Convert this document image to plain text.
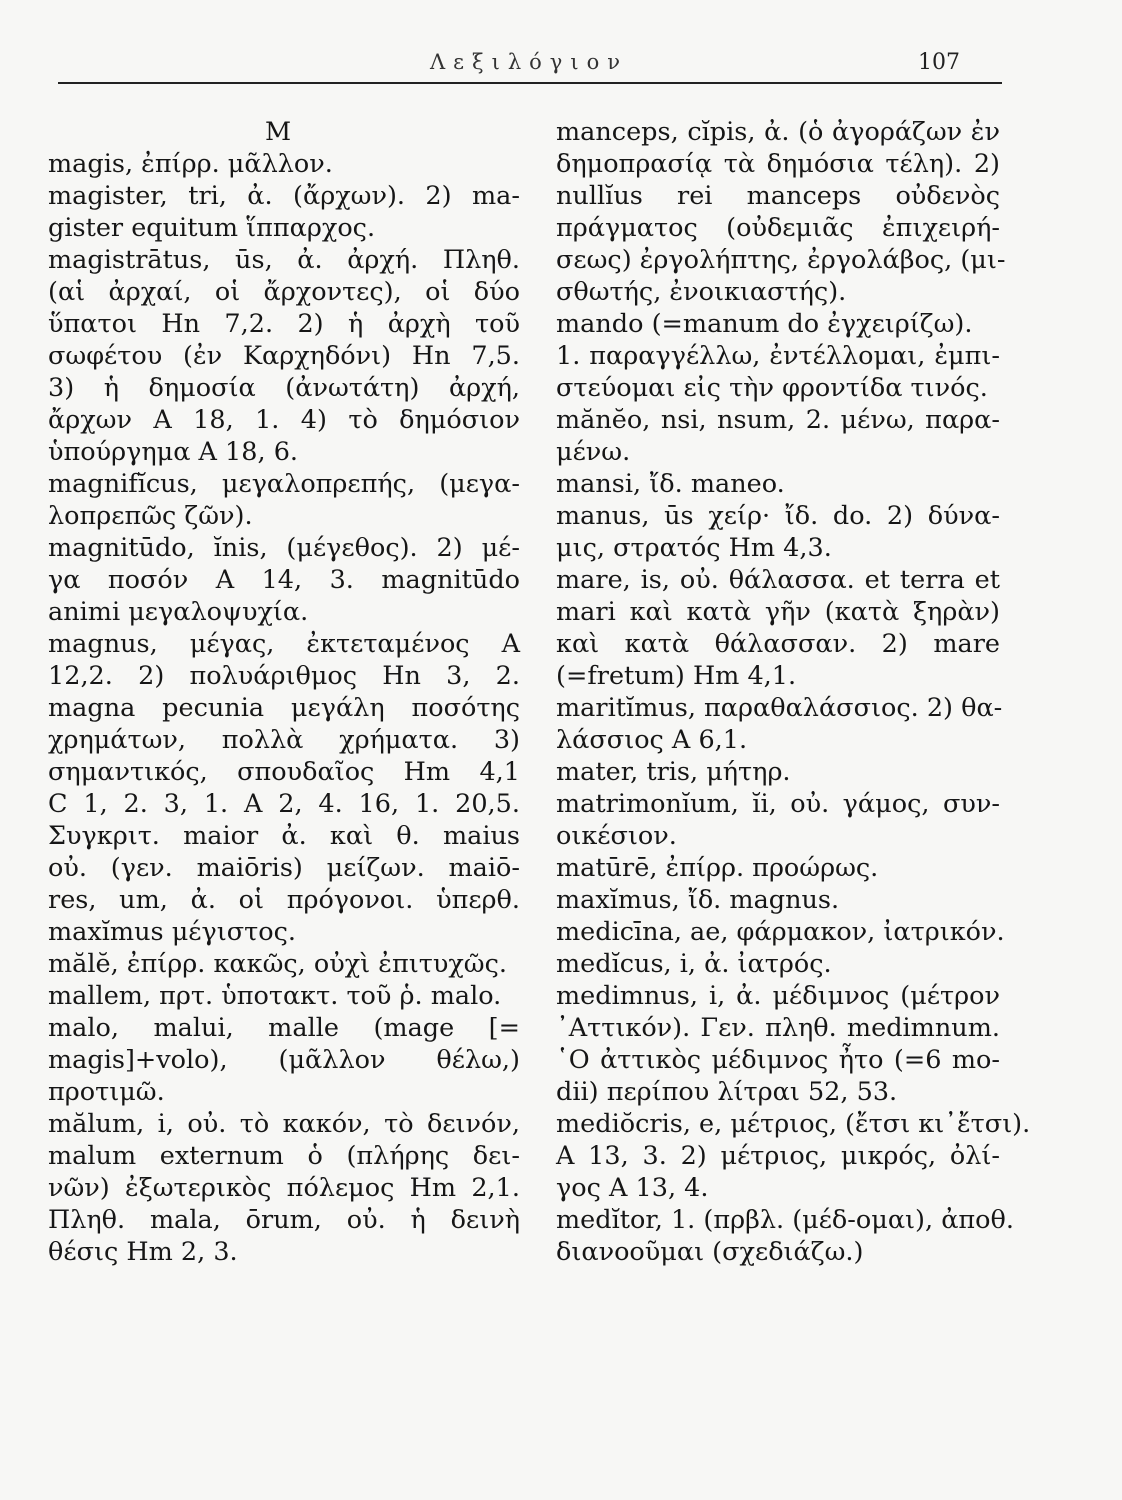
Λεξιλόγιον	107
M
magis, ἐπίρρ. μᾶλλον.
magister, tri, ἀ. (ἄρχων). 2) ma-
gister equitum ἵππαρχος.
magistrātus, ūs, ἀ. ἀρχή. Πληθ.
(αἱ ἀρχαί, οἱ ἄρχοντες), οἱ δύο
ὕπατοι Hn 7,2. 2) ἡ ἀρχὴ τοῦ
σωφέτου (ἐν Καρχηδόνι) Hn 7,5.
3) ἡ δημοσία (ἀνωτάτη) ἀρχή,
ἄρχων A 18, 1. 4) τὸ δημόσιον
ὑπούργημα A 18, 6.
magnifĭcus, μεγαλοπρεπής, (μεγα-
λοπρεπῶς ζῶν).
magnitūdo, ĭnis, (μέγεθος). 2) μέ-
γα ποσόν A 14, 3. magnitūdo
animi μεγαλοψυχία.
magnus, μέγας, ἐκτεταμένος A
12,2. 2) πολυάριθμος Hn 3, 2.
magna pecunia μεγάλη ποσότης
χρημάτων, πολλὰ χρήματα. 3)
σημαντικός, σπουδαῖος Hm 4,1
C 1, 2. 3, 1. A 2, 4. 16, 1. 20,5.
Συγκριτ. maior ἀ. καὶ θ. maius
οὐ. (γεν. maiōris) μείζων. maiō-
res, um, ἀ. οἱ πρόγονοι. ὑπερθ.
maxĭmus μέγιστος.
mălĕ, ἐπίρρ. κακῶς, οὐχὶ ἐπιτυχῶς.
mallem, πρτ. ὑποτακτ. τοῦ ῥ. malo.
malo, malui, malle (mage [=
magis]+volo), (μᾶλλον θέλω,)
προτιμῶ.
mălum, i, οὐ. τὸ κακόν, τὸ δεινόν,
malum externum ὁ (πλήρης δει-
νῶν) ἐξωτερικὸς πόλεμος Hm 2,1.
Πληθ. mala, ōrum, οὐ. ἡ δεινὴ
θέσις Hm 2, 3.
manceps, cĭpis, ἀ. (ὁ ἀγοράζων ἐν
δημοπρασίᾳ τὰ δημόσια τέλη). 2)
nullĭus rei manceps οὐδενὸς
πράγματος (οὐδεμιᾶς ἐπιχειρή-
σεως) ἐργολήπτης, ἐργολάβος, (μι-
σθωτής, ἐνοικιαστής).
mando (=manum do ἐγχειρίζω).
1. παραγγέλλω, ἐντέλλομαι, ἐμπι-
στεύομαι εἰς τὴν φροντίδα τινός.
mănĕo, nsi, nsum, 2. μένω, παρα-
μένω.
mansi, ἴδ. maneo.
manus, ūs χείρ· ἴδ. do. 2) δύνα-
μις, στρατός Hm 4,3.
mare, is, οὐ. θάλασσα. et terra et
mari καὶ κατὰ γῆν (κατὰ ξηρὰν)
καὶ κατὰ θάλασσαν. 2) mare
(=fretum) Hm 4,1.
maritĭmus, παραθαλάσσιος. 2) θα-
λάσσιος A 6,1.
mater, tris, μήτηρ.
matrimonĭum, ĭi, οὐ. γάμος, συν-
οικέσιον.
matūrē, ἐπίρρ. προώρως.
maxĭmus, ἴδ. magnus.
medicīna, ae, φάρμακον, ἰατρικόν.
medĭcus, i, ἀ. ἰατρός.
medimnus, i, ἀ. μέδιμνος (μέτρον
᾿Αττικόν). Γεν. πληθ. medimnum.
῾Ο ἀττικὸς μέδιμνος ἦτο (=6 mo-
dii) περίπου λίτραι 52, 53.
mediŏcris, e, μέτριος, (ἔτσι κι᾿ἔτσι).
A 13, 3. 2) μέτριος, μικρός, ὀλί-
γος A 13, 4.
medĭtor, 1. (πρβλ. (μέδ-ομαι), ἀποθ.
διανοοῦμαι (σχεδιάζω.)
